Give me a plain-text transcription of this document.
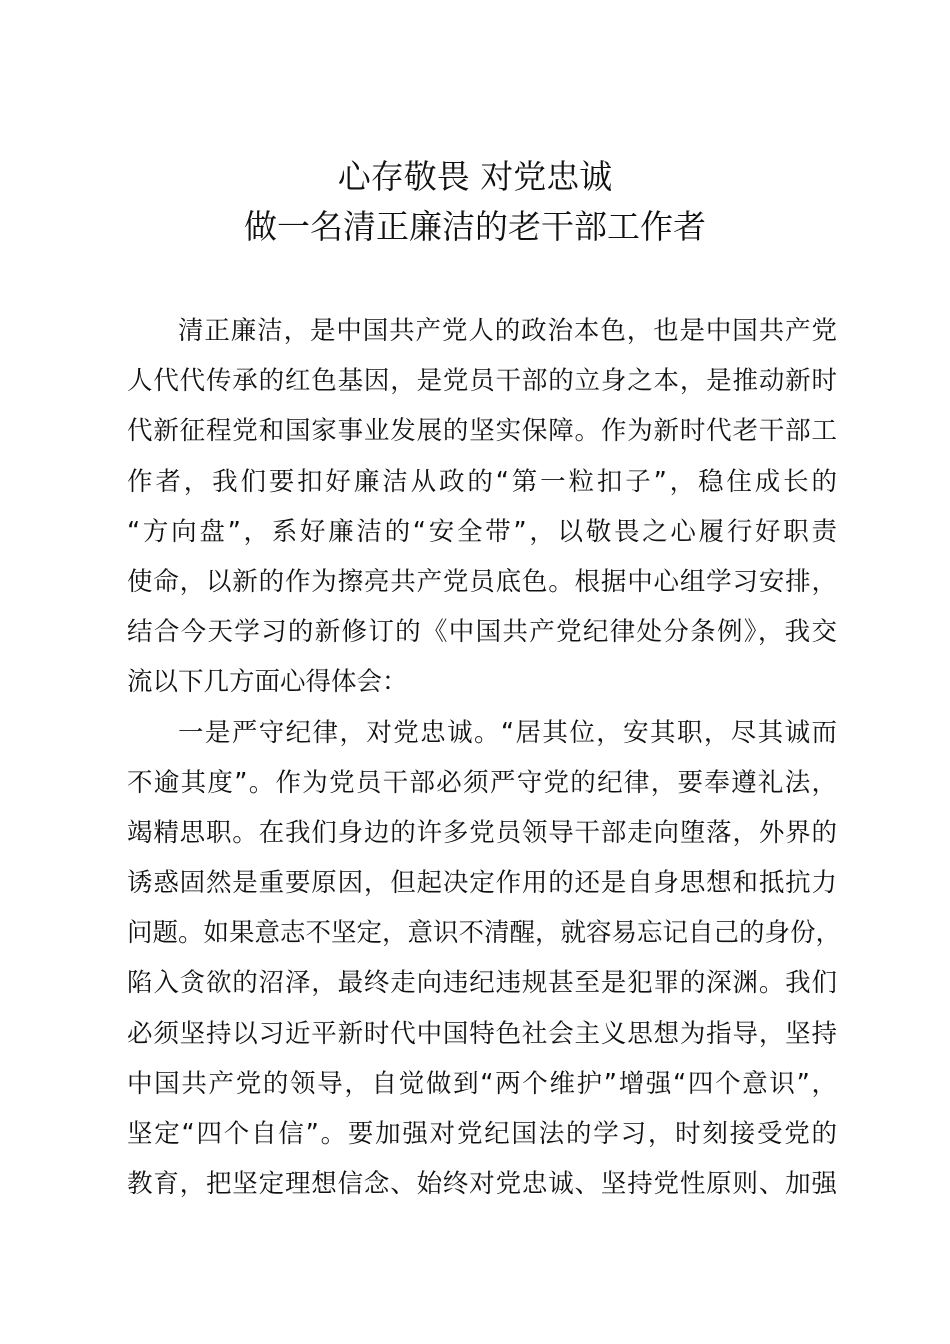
心存敬畏 对党忠诚
做一名清正廉洁的老干部工作者
清正廉洁，是中国共产党人的政治本色，也是中国共产党
人代代传承的红色基因，是党员干部的立身之本，是推动新时
代新征程党和国家事业发展的坚实保障。作为新时代老干部工
作者，我们要扣好廉洁从政的“第一粒扣子”，稳住成长的
“方向盘”，系好廉洁的“安全带”，以敬畏之心履行好职责
使命，以新的作为擦亮共产党员底色。根据中心组学习安排，
结合今天学习的新修订的《中国共产党纪律处分条例》，我交
流以下几方面心得体会：
一是严守纪律，对党忠诚。“居其位，安其职，尽其诚而
不逾其度”。作为党员干部必须严守党的纪律，要奉遵礼法，
竭精思职。在我们身边的许多党员领导干部走向堕落，外界的
诱惑固然是重要原因，但起决定作用的还是自身思想和抵抗力
问题。如果意志不坚定，意识不清醒，就容易忘记自己的身份，
陷入贪欲的沼泽，最终走向违纪违规甚至是犯罪的深渊。我们
必须坚持以习近平新时代中国特色社会主义思想为指导，坚持
中国共产党的领导，自觉做到“两个维护”增强“四个意识”，
坚定“四个自信”。要加强对党纪国法的学习，时刻接受党的
教育，把坚定理想信念、始终对党忠诚、坚持党性原则、加强
